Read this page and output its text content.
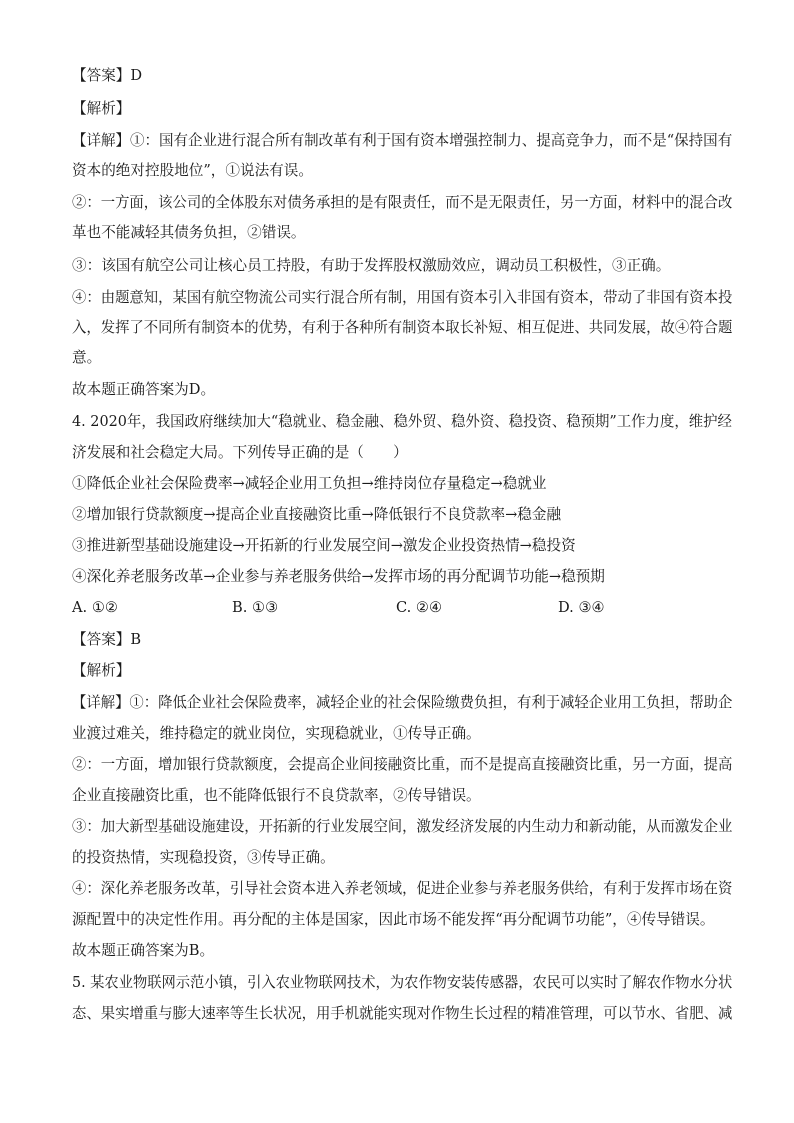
【答案】D
【解析】
【详解】①：国有企业进行混合所有制改革有利于国有资本增强控制力、提高竞争力，而不是“保持国有
资本的绝对控股地位”，①说法有误。
②：一方面，该公司的全体股东对债务承担的是有限责任，而不是无限责任，另一方面，材料中的混合改
革也不能减轻其债务负担，②错误。
③：该国有航空公司让核心员工持股，有助于发挥股权激励效应，调动员工积极性，③正确。
④：由题意知，某国有航空物流公司实行混合所有制，用国有资本引入非国有资本，带动了非国有资本投
入，发挥了不同所有制资本的优势，有利于各种所有制资本取长补短、相互促进、共同发展，故④符合题
意。
故本题正确答案为D。
4. 2020年，我国政府继续加大“稳就业、稳金融、稳外贸、稳外资、稳投资、稳预期”工作力度，维护经
济发展和社会稳定大局。下列传导正确的是（　　）
①降低企业社会保险费率→减轻企业用工负担→维持岗位存量稳定→稳就业
②增加银行贷款额度→提高企业直接融资比重→降低银行不良贷款率→稳金融
③推进新型基础设施建设→开拓新的行业发展空间→激发企业投资热情→稳投资
④深化养老服务改革→企业参与养老服务供给→发挥市场的再分配调节功能→稳预期
A. ①②	B. ①③	C. ②④	D. ③④
【答案】B
【解析】
【详解】①：降低企业社会保险费率，减轻企业的社会保险缴费负担，有利于减轻企业用工负担，帮助企
业渡过难关，维持稳定的就业岗位，实现稳就业，①传导正确。
②：一方面，增加银行贷款额度，会提高企业间接融资比重，而不是提高直接融资比重，另一方面，提高
企业直接融资比重，也不能降低银行不良贷款率，②传导错误。
③：加大新型基础设施建设，开拓新的行业发展空间，激发经济发展的内生动力和新动能，从而激发企业
的投资热情，实现稳投资，③传导正确。
④：深化养老服务改革，引导社会资本进入养老领域，促进企业参与养老服务供给，有利于发挥市场在资
源配置中的决定性作用。再分配的主体是国家，因此市场不能发挥“再分配调节功能”，④传导错误。
故本题正确答案为B。
5. 某农业物联网示范小镇，引入农业物联网技术，为农作物安装传感器，农民可以实时了解农作物水分状
态、果实增重与膨大速率等生长状况，用手机就能实现对作物生长过程的精准管理，可以节水、省肥、减
